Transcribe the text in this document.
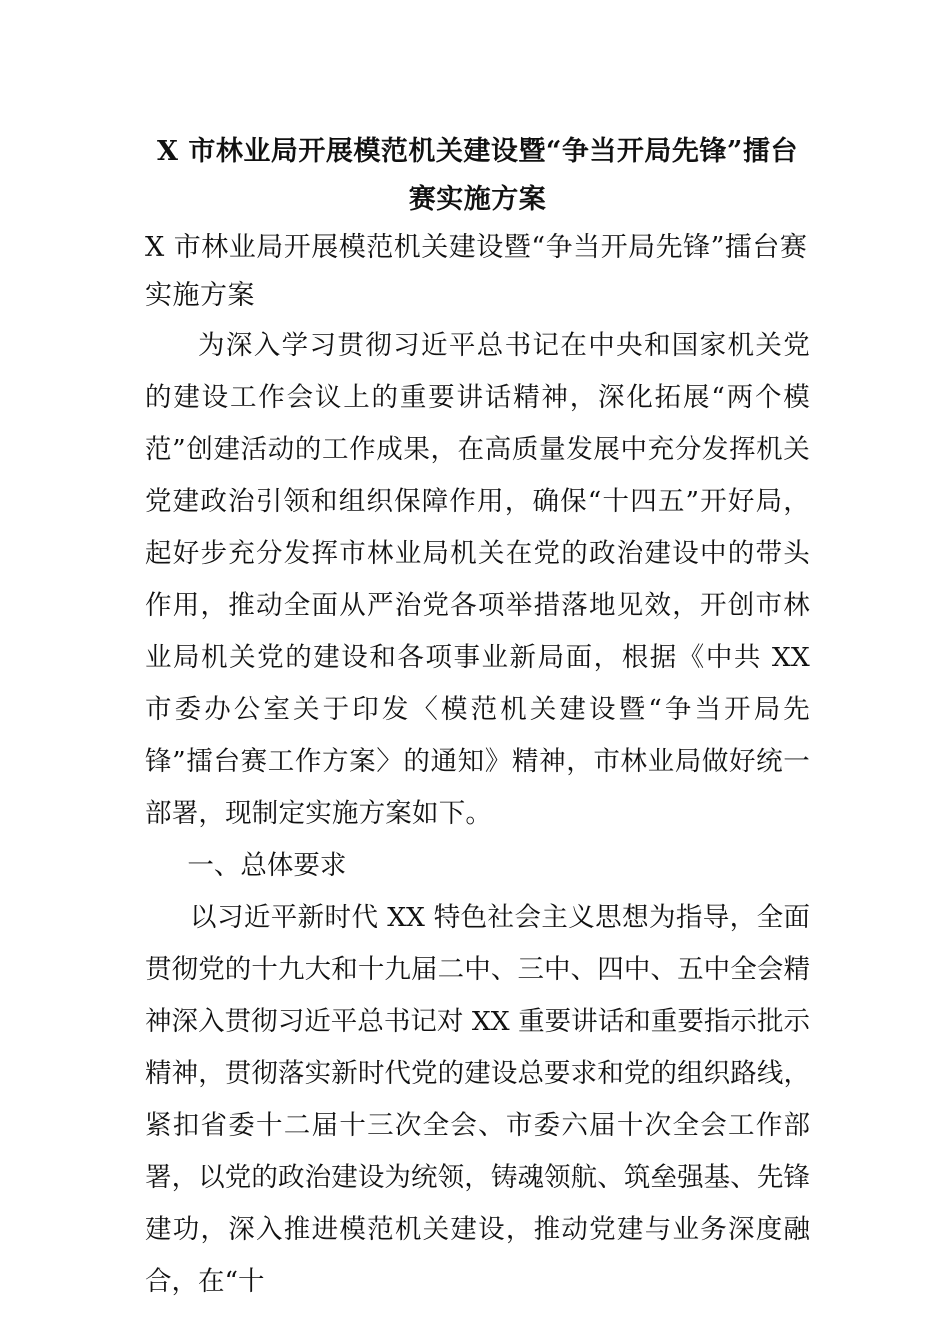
X 市林业局开展模范机关建设暨“争当开局先锋”擂台赛实施方案

X 市林业局开展模范机关建设暨“争当开局先锋”擂台赛实施方案

为深入学习贯彻习近平总书记在中央和国家机关党的建设工作会议上的重要讲话精神，深化拓展“两个模范”创建活动的工作成果，在高质量发展中充分发挥机关党建政治引领和组织保障作用，确保“十四五”开好局，起好步充分发挥市林业局机关在党的政治建设中的带头作用，推动全面从严治党各项举措落地见效，开创市林业局机关党的建设和各项事业新局面，根据《中共 XX 市委办公室关于印发〈模范机关建设暨“争当开局先锋”擂台赛工作方案〉的通知》精神，市林业局做好统一部署，现制定实施方案如下。

一、总体要求

以习近平新时代 XX 特色社会主义思想为指导，全面贯彻党的十九大和十九届二中、三中、四中、五中全会精神深入贯彻习近平总书记对 XX 重要讲话和重要指示批示精神，贯彻落实新时代党的建设总要求和党的组织路线，紧扣省委十二届十三次全会、市委六届十次全会工作部署，以党的政治建设为统领，铸魂领航、筑垒强基、先锋建功，深入推进模范机关建设，推动党建与业务深度融合，在“十
